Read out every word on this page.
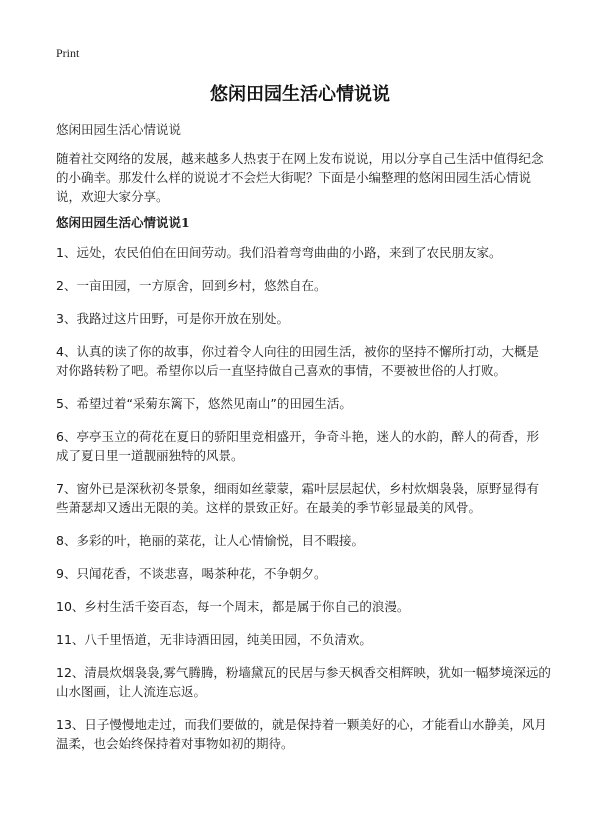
Print
悠闲田园生活心情说说

悠闲田园生活心情说说

随着社交网络的发展，越来越多人热衷于在网上发布说说，用以分享自己生活中值得纪念的小确幸。那发什么样的说说才不会烂大街呢？下面是小编整理的悠闲田园生活心情说说，欢迎大家分享。

悠闲田园生活心情说说1
1、远处，农民伯伯在田间劳动。我们沿着弯弯曲曲的小路，来到了农民朋友家。
2、一亩田园，一方原舍，回到乡村，悠然自在。
3、我路过这片田野，可是你开放在别处。
4、认真的读了你的故事，你过着令人向往的田园生活，被你的坚持不懈所打动，大概是对你路转粉了吧。希望你以后一直坚持做自己喜欢的事情，不要被世俗的人打败。
5、希望过着“采菊东篱下，悠然见南山”的田园生活。
6、亭亭玉立的荷花在夏日的骄阳里竞相盛开，争奇斗艳，迷人的水韵，醉人的荷香，形成了夏日里一道靓丽独特的风景。
7、窗外已是深秋初冬景象，细雨如丝蒙蒙，霜叶层层起伏，乡村炊烟袅袅，原野显得有些萧瑟却又透出无限的美。这样的景致正好。在最美的季节彰显最美的风骨。
8、多彩的叶，艳丽的菜花，让人心情愉悦，目不暇接。
9、只闻花香，不谈悲喜，喝茶种花，不争朝夕。
10、乡村生活千姿百态，每一个周末，都是属于你自己的浪漫。
11、八千里悟道，无非诗酒田园，纯美田园，不负清欢。
12、清晨炊烟袅袅,雾气腾腾，粉墙黛瓦的民居与参天枫香交相辉映，犹如一幅梦境深远的山水图画，让人流连忘返。
13、日子慢慢地走过，而我们要做的，就是保持着一颗美好的心，才能看山水静美，风月温柔，也会始终保持着对事物如初的期待。
